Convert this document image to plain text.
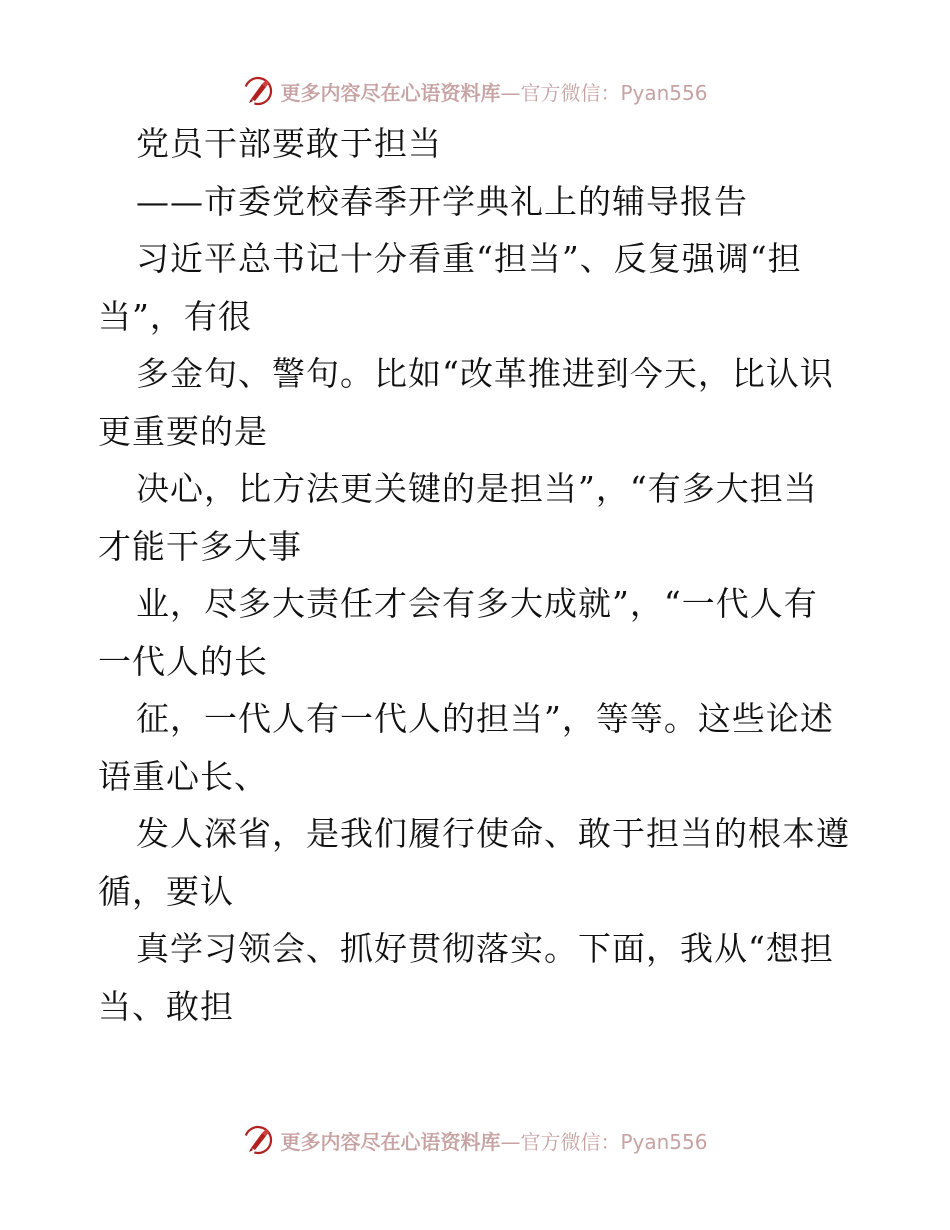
更多内容尽在心语资料库—官方微信：Pyan556
党员干部要敢于担当
——市委党校春季开学典礼上的辅导报告
习近平总书记十分看重“担当”、反复强调“担
当”，有很
多金句、警句。比如“改革推进到今天，比认识
更重要的是
决心，比方法更关键的是担当”，“有多大担当
才能干多大事
业，尽多大责任才会有多大成就”，“一代人有
一代人的长
征，一代人有一代人的担当”，等等。这些论述
语重心长、
发人深省，是我们履行使命、敢于担当的根本遵
循，要认
真学习领会、抓好贯彻落实。下面，我从“想担
当、敢担
更多内容尽在心语资料库—官方微信：Pyan556
